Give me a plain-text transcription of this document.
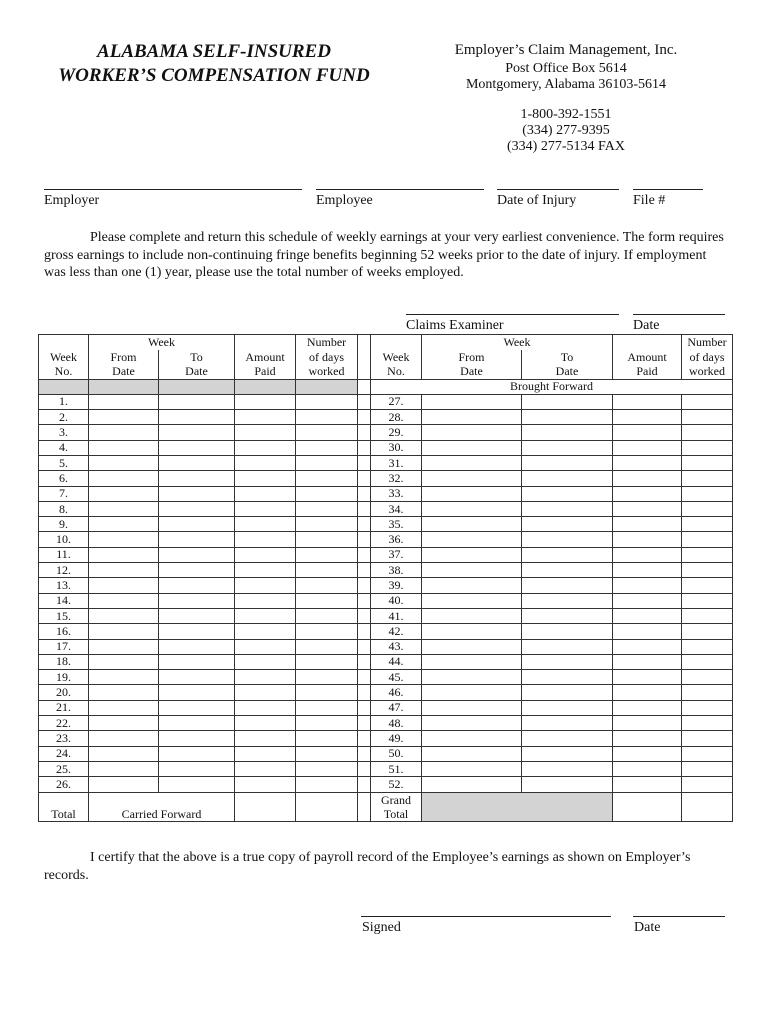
ALABAMA SELF-INSURED
WORKER’S COMPENSATION FUND
Employer’s Claim Management, Inc.
Post Office Box 5614
Montgomery, Alabama 36103-5614
1-800-392-1551
(334) 277-9395
(334) 277-5134 FAX
Employer	Employee	Date of Injury	File #
Please complete and return this schedule of weekly earnings at your very earliest convenience. The form requires gross earnings to include non-continuing fringe benefits beginning 52 weeks prior to the date of injury. If employment was less than one (1) year, please use the total number of weeks employed.
Claims Examiner	Date
	Week			Number			Week			Number
Week	From	To	Amount	of days		Week	From	To	Amount	of days
No.	Date	Date	Paid	worked		No.	Date	Date	Paid	worked
						Brought Forward				
1.						27.				
2.						28.				
3.						29.				
4.						30.				
5.						31.				
6.						32.				
7.						33.				
8.						34.				
9.						35.				
10.						36.				
11.						37.				
12.						38.				
13.						39.				
14.						40.				
15.						41.				
16.						42.				
17.						43.				
18.						44.				
19.						45.				
20.						46.				
21.						47.				
22.						48.				
23.						49.				
24.						50.				
25.						51.				
26.						52.				
Total	Carried Forward					Grand
Total				

I certify that the above is a true copy of payroll record of the Employee’s earnings as shown on Employer’s records.
Signed	Date
